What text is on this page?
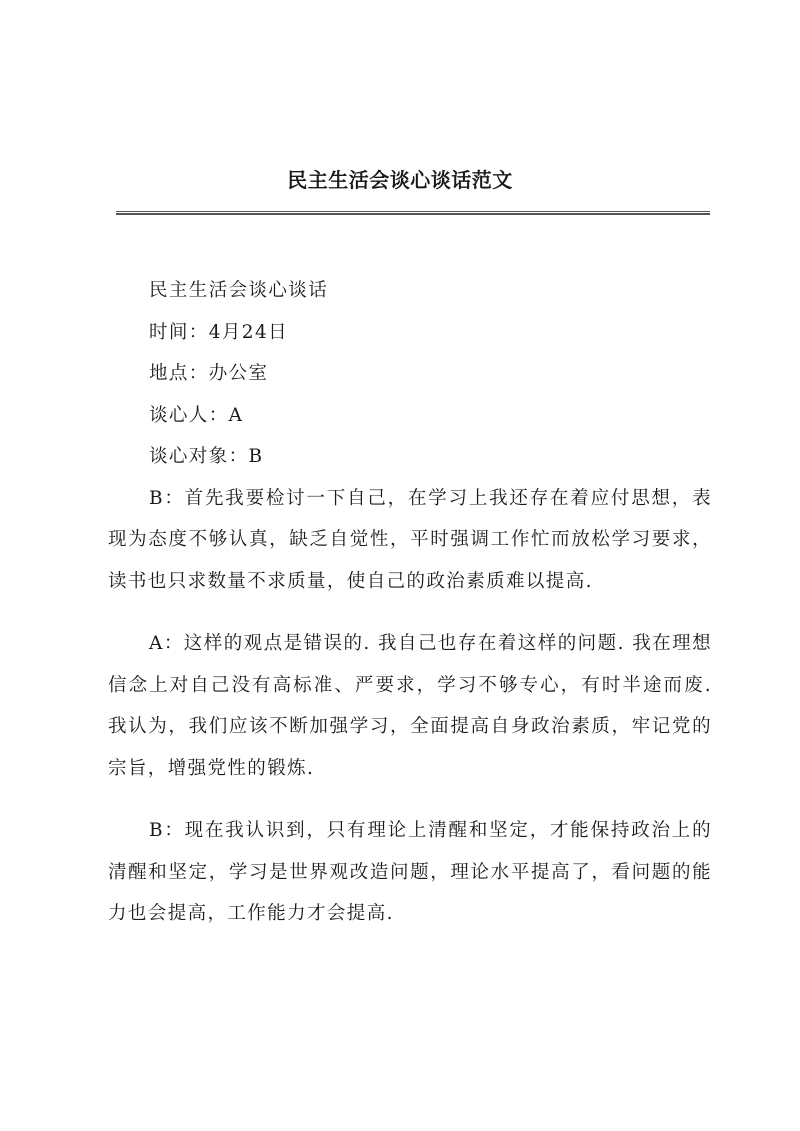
民主生活会谈心谈话范文
民主生活会谈心谈话
时间：4月24日
地点：办公室
谈心人：A
谈心对象：B

B：首先我要检讨一下自己，在学习上我还存在着应付思想，表现为态度不够认真，缺乏自觉性，平时强调工作忙而放松学习要求，读书也只求数量不求质量，使自己的政治素质难以提高.

A：这样的观点是错误的. 我自己也存在着这样的问题. 我在理想信念上对自己没有高标准、严要求，学习不够专心，有时半途而废. 我认为，我们应该不断加强学习，全面提高自身政治素质，牢记党的宗旨，增强党性的锻炼.

B：现在我认识到，只有理论上清醒和坚定，才能保持政治上的清醒和坚定，学习是世界观改造问题，理论水平提高了，看问题的能力也会提高，工作能力才会提高.
